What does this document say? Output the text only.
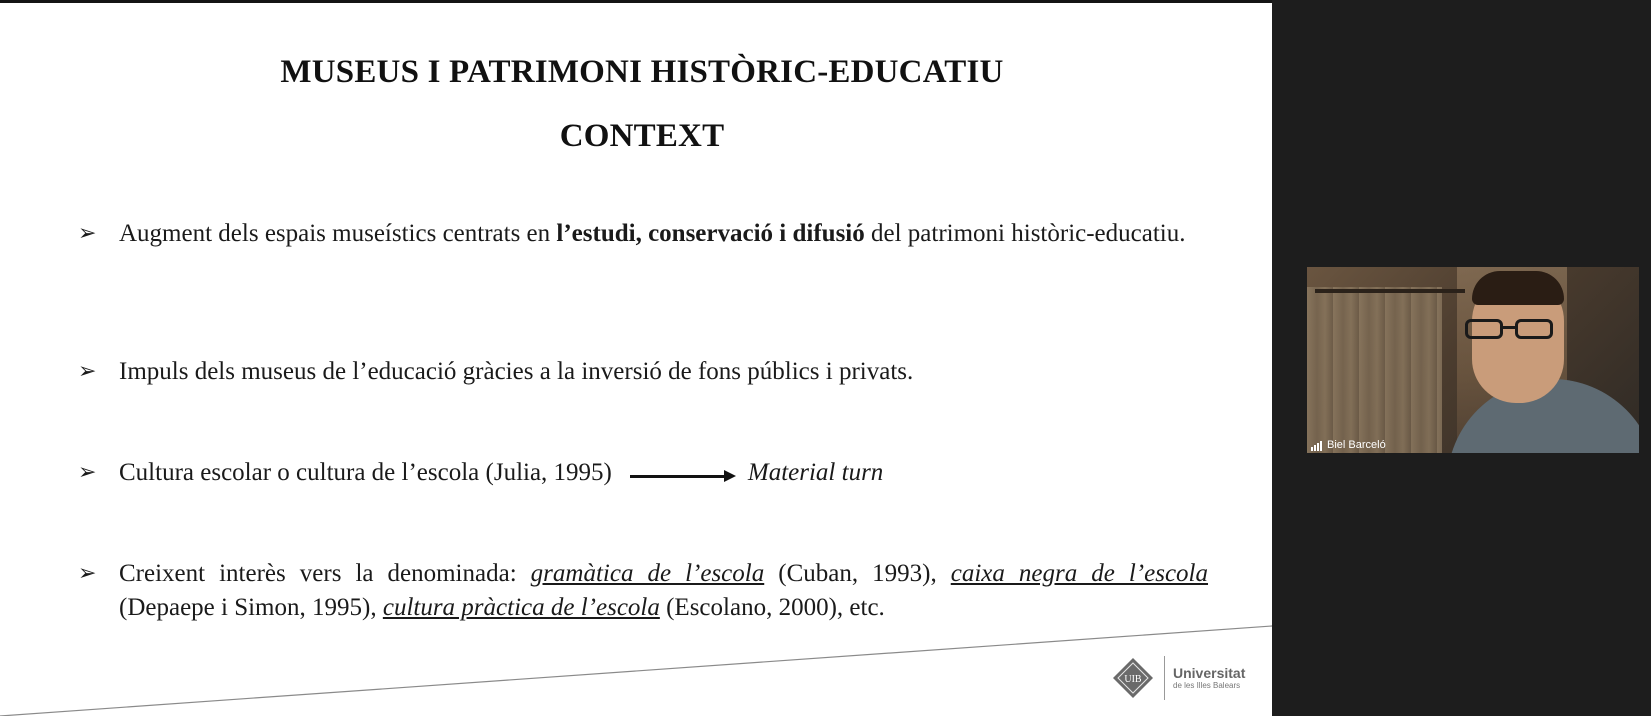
MUSEUS I PATRIMONI HISTÒRIC-EDUCATIU
CONTEXT
➢ Augment dels espais museístics centrats en l’estudi, conservació i difusió del patrimoni històric-educatiu.
➢ Impuls dels museus de l’educació gràcies a la inversió de fons públics i privats.
➢ Cultura escolar o cultura de l’escola (Julia, 1995)	Material turn
➢ Creixent interès vers la denominada: gramàtica de l’escola (Cuban, 1993), caixa negra de l’escola (Depaepe i Simon, 1995), cultura pràctica de l’escola (Escolano, 2000), etc.
UIB Universitat
de les Illes Balears
Biel Barceló
